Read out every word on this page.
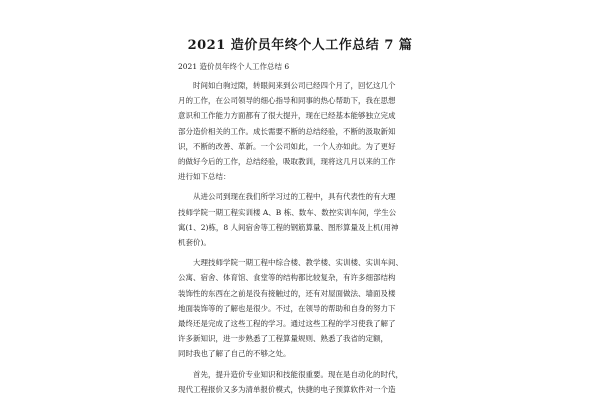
2021 造价员年终个人工作总结 7 篇
2021 造价员年终个人工作总结 6
时间如白驹过隙，转眼间来到公司已经四个月了，回忆这几个
月的工作，在公司领导的细心指导和同事的热心帮助下，我在思想
意识和工作能力方面都有了很大提升，现在已经基本能够独立完成
部分造价相关的工作。成长需要不断的总结经验，不断的汲取新知
识，不断的改善、革新。一个公司如此，一个人亦如此。为了更好
的做好今后的工作，总结经验，吸取教训，现将这几月以来的工作
进行如下总结：
从进公司到现在我们所学习过的工程中，具有代表性的有大理
技师学院一期工程实训楼 A、B 栋、数车、数控实训车间，学生公
寓(1、2)栋，8 人间宿舍等工程的钢筋算量、图形算量及上机(用神
机套价)。
大理技师学院一期工程中综合楼、教学楼、实训楼、实训车间、
公寓、宿舍、体育馆、食堂等的结构都比较复杂，有许多细部结构
装饰性的东西在之前是没有接触过的，还有对屋面做法、墙面及楼
地面装饰等的了解也是很少。不过，在领导的帮助和自身的努力下
最终还是完成了这些工程的学习。通过这些工程的学习使我了解了
许多新知识，进一步熟悉了工程算量规则、熟悉了我省的定额，
同时我也了解了自己的不够之处。
首先，提升造价专业知识和技能很重要。现在是自动化的时代，
现代工程报价又多为清单报价模式，快捷的电子预算软件对一个造
